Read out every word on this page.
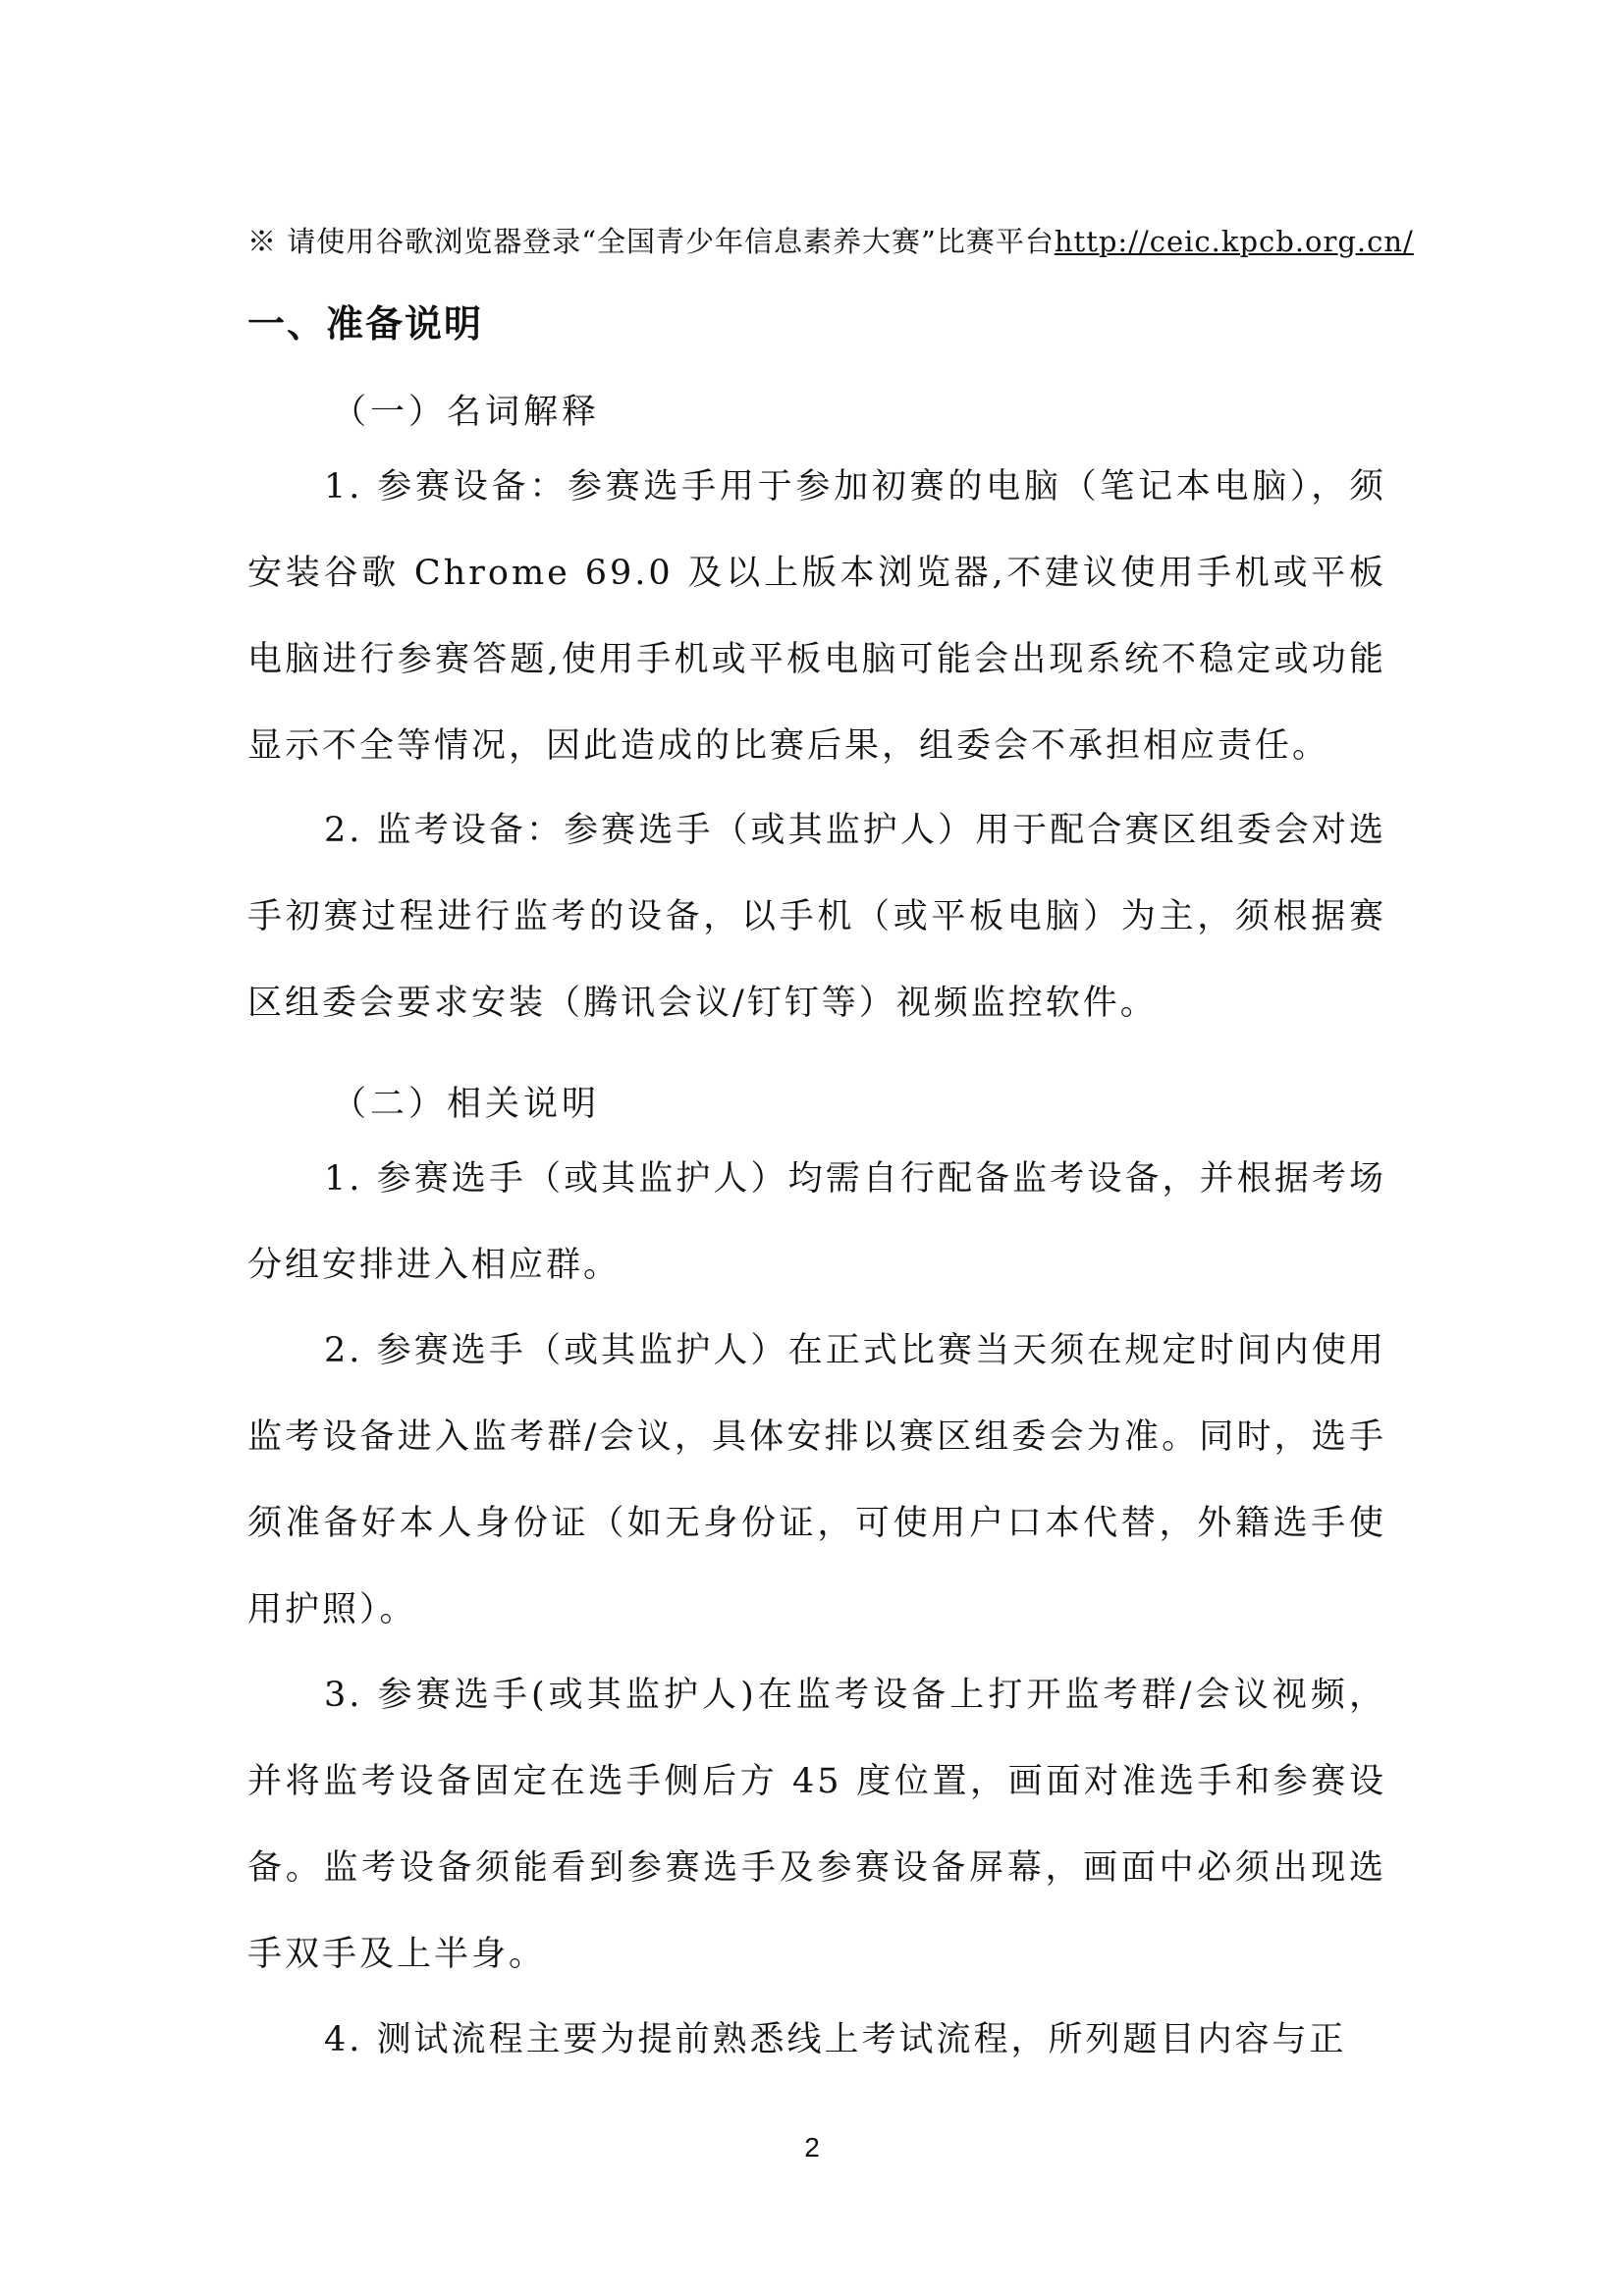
※ 请使用谷歌浏览器登录“全国青少年信息素养大赛”比赛平台http://ceic.kpcb.org.cn/
一、准备说明
（一）名词解释

1. 参赛设备：参赛选手用于参加初赛的电脑（笔记本电脑），须安装谷歌 Chrome 69.0 及以上版本浏览器,不建议使用手机或平板电脑进行参赛答题,使用手机或平板电脑可能会出现系统不稳定或功能显示不全等情况，因此造成的比赛后果，组委会不承担相应责任。

2. 监考设备：参赛选手（或其监护人）用于配合赛区组委会对选手初赛过程进行监考的设备，以手机（或平板电脑）为主，须根据赛区组委会要求安装（腾讯会议/钉钉等）视频监控软件。

（二）相关说明

1. 参赛选手（或其监护人）均需自行配备监考设备，并根据考场分组安排进入相应群。

2. 参赛选手（或其监护人）在正式比赛当天须在规定时间内使用监考设备进入监考群/会议，具体安排以赛区组委会为准。同时，选手须准备好本人身份证（如无身份证，可使用户口本代替，外籍选手使用护照）。

3. 参赛选手(或其监护人)在监考设备上打开监考群/会议视频，并将监考设备固定在选手侧后方 45 度位置，画面对准选手和参赛设备。监考设备须能看到参赛选手及参赛设备屏幕，画面中必须出现选手双手及上半身。

4. 测试流程主要为提前熟悉线上考试流程，所列题目内容与正

2
